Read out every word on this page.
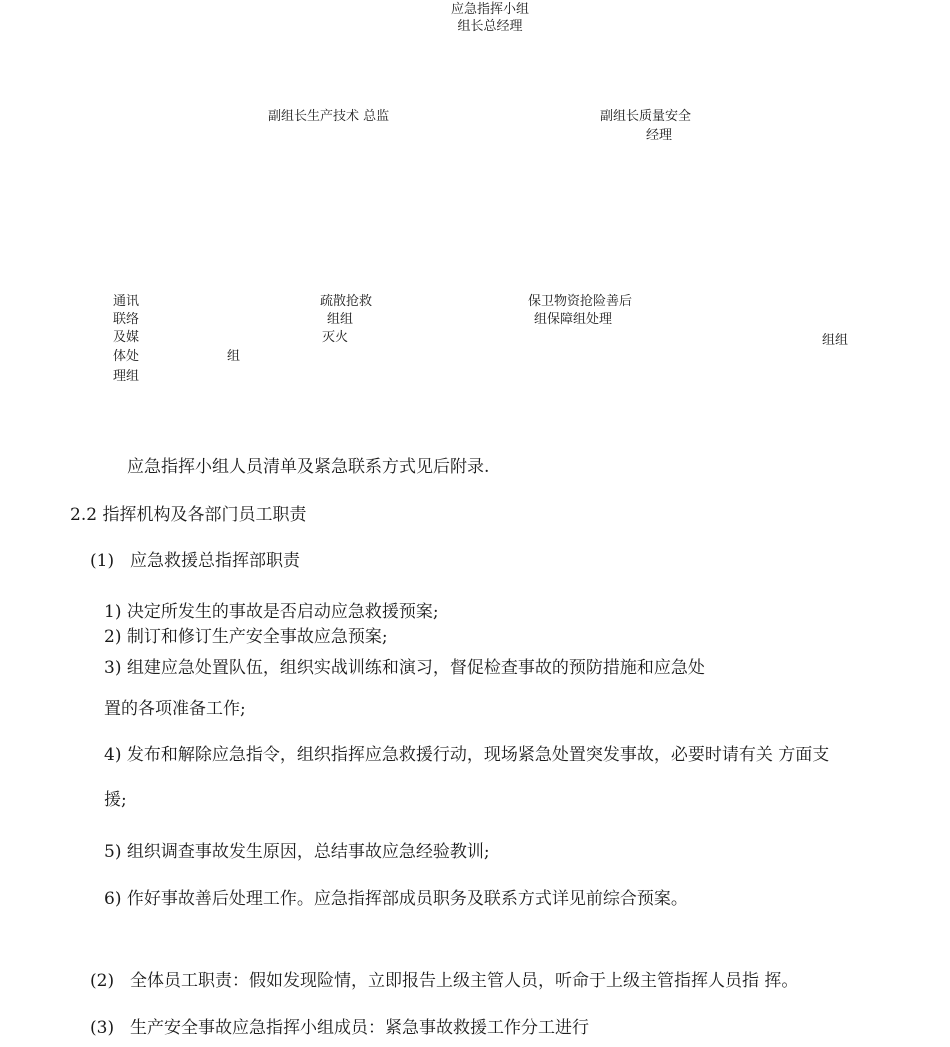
应急指挥小组
组长总经理
副组长生产技术 总监	副组长质量安全
经理
通讯
联络
及媒
体处
理组
组
疏散抢救
组组
灭火
保卫物资抢险善后
组保障组处理
组组
应急指挥小组人员清单及紧急联系方式见后附录.
2.2 指挥机构及各部门员工职责
(1) 应急救援总指挥部职责
1) 决定所发生的事故是否启动应急救援预案;
2) 制订和修订生产安全事故应急预案;
3) 组建应急处置队伍，组织实战训练和演习，督促检查事故的预防措施和应急处
置的各项准备工作;
4) 发布和解除应急指令，组织指挥应急救援行动，现场紧急处置突发事故，必要时请有关 方面支
援;
5) 组织调查事故发生原因，总结事故应急经验教训;
6) 作好事故善后处理工作。应急指挥部成员职务及联系方式详见前综合预案。
(2) 全体员工职责：假如发现险情，立即报告上级主管人员，听命于上级主管指挥人员指 挥。
(3) 生产安全事故应急指挥小组成员：紧急事故救援工作分工进行
